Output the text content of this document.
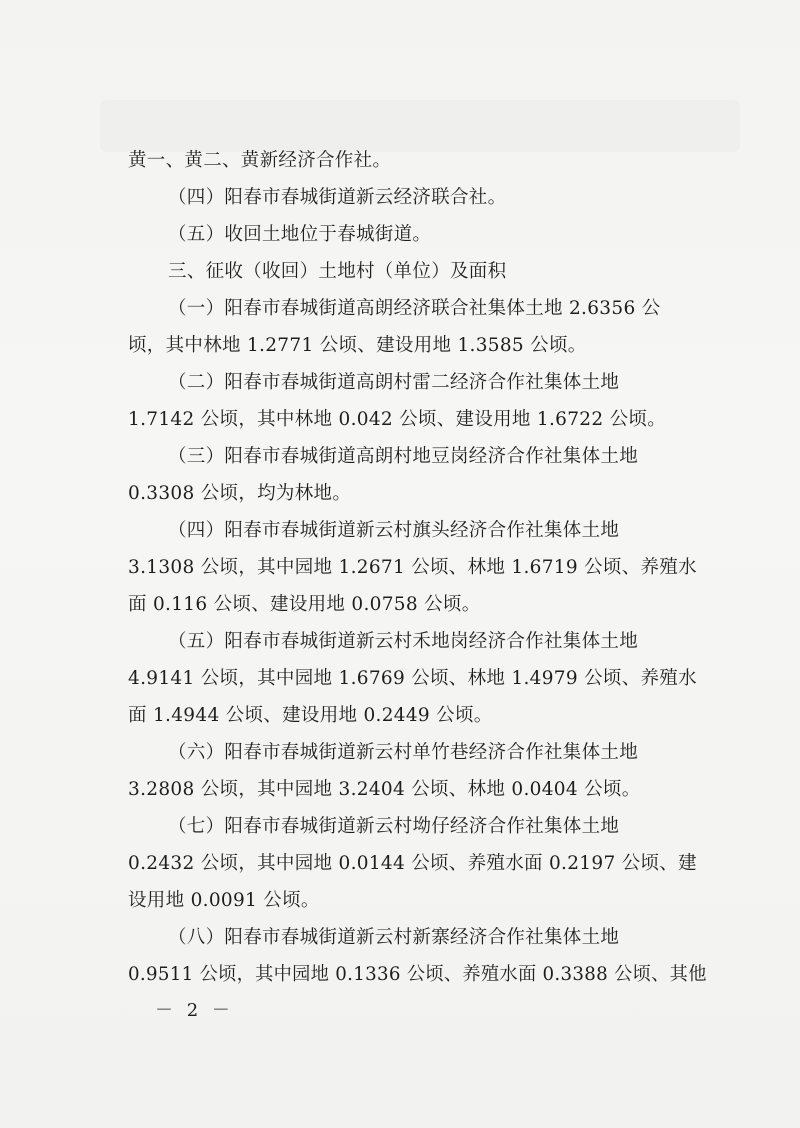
黄一、黄二、黄新经济合作社。
（四）阳春市春城街道新云经济联合社。
（五）收回土地位于春城街道。
三、征收（收回）土地村（单位）及面积
（一）阳春市春城街道高朗经济联合社集体土地 2.6356 公
顷，其中林地 1.2771 公顷、建设用地 1.3585 公顷。
（二）阳春市春城街道高朗村雷二经济合作社集体土地
1.7142 公顷，其中林地 0.042 公顷、建设用地 1.6722 公顷。
（三）阳春市春城街道高朗村地豆岗经济合作社集体土地
0.3308 公顷，均为林地。
（四）阳春市春城街道新云村旗头经济合作社集体土地
3.1308 公顷，其中园地 1.2671 公顷、林地 1.6719 公顷、养殖水
面 0.116 公顷、建设用地 0.0758 公顷。
（五）阳春市春城街道新云村禾地岗经济合作社集体土地
4.9141 公顷，其中园地 1.6769 公顷、林地 1.4979 公顷、养殖水
面 1.4944 公顷、建设用地 0.2449 公顷。
（六）阳春市春城街道新云村单竹巷经济合作社集体土地
3.2808 公顷，其中园地 3.2404 公顷、林地 0.0404 公顷。
（七）阳春市春城街道新云村坳仔经济合作社集体土地
0.2432 公顷，其中园地 0.0144 公顷、养殖水面 0.2197 公顷、建
设用地 0.0091 公顷。
（八）阳春市春城街道新云村新寨经济合作社集体土地
0.9511 公顷，其中园地 0.1336 公顷、养殖水面 0.3388 公顷、其他
－ 2 －
